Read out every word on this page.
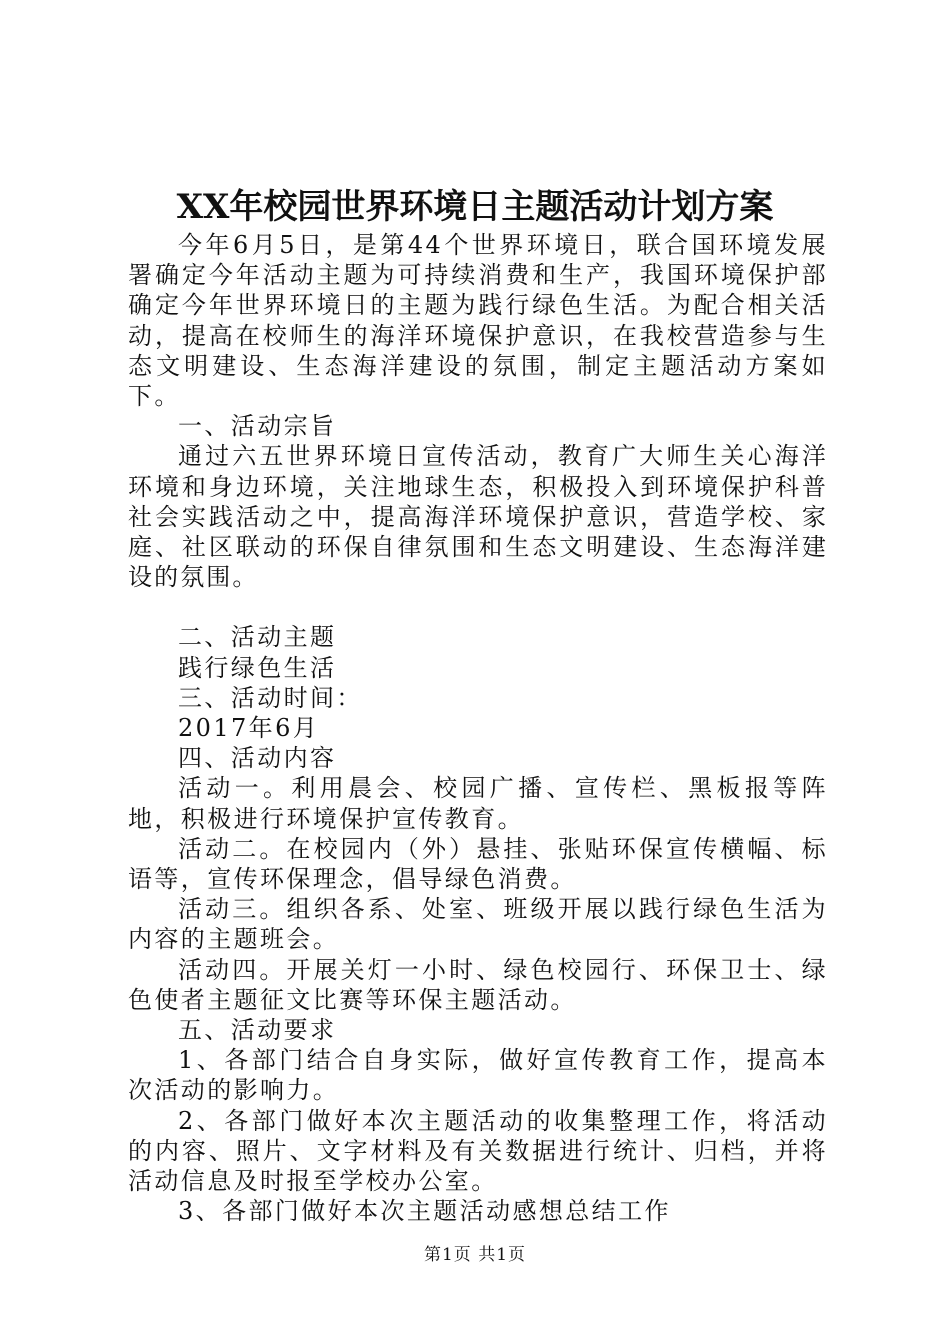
XX年校园世界环境日主题活动计划方案

今年6月5日，是第44个世界环境日，联合国环境发展署确定今年活动主题为可持续消费和生产，我国环境保护部确定今年世界环境日的主题为践行绿色生活。为配合相关活动，提高在校师生的海洋环境保护意识，在我校营造参与生态文明建设、生态海洋建设的氛围，制定主题活动方案如下。

一、活动宗旨

通过六五世界环境日宣传活动，教育广大师生关心海洋环境和身边环境，关注地球生态，积极投入到环境保护科普社会实践活动之中，提高海洋环境保护意识，营造学校、家庭、社区联动的环保自律氛围和生态文明建设、生态海洋建设的氛围。

二、活动主题

践行绿色生活

三、活动时间：

2017年6月

四、活动内容

活动一。利用晨会、校园广播、宣传栏、黑板报等阵地，积极进行环境保护宣传教育。

活动二。在校园内（外）悬挂、张贴环保宣传横幅、标语等，宣传环保理念，倡导绿色消费。

活动三。组织各系、处室、班级开展以践行绿色生活为内容的主题班会。

活动四。开展关灯一小时、绿色校园行、环保卫士、绿色使者主题征文比赛等环保主题活动。

五、活动要求

1、各部门结合自身实际，做好宣传教育工作，提高本次活动的影响力。

2、各部门做好本次主题活动的收集整理工作，将活动的内容、照片、文字材料及有关数据进行统计、归档，并将活动信息及时报至学校办公室。

3、各部门做好本次主题活动感想总结工作

第1页 共1页
